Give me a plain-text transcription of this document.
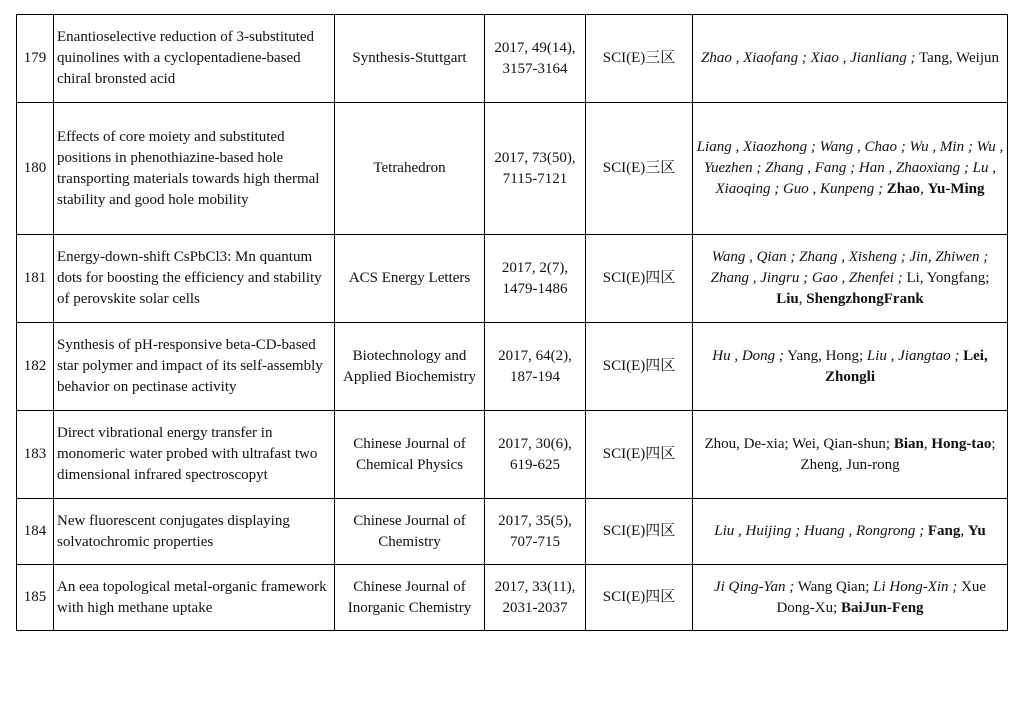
179	Enantioselective reduction of 3-substituted quinolines with a cyclopentadiene-based chiral bronsted acid	Synthesis-Stuttgart	2017, 49(14), 3157-3164	SCI(E)三区	Zhao , Xiaofang ; Xiao , Jianliang ; Tang, Weijun
180	Effects of core moiety and substituted positions in phenothiazine-based hole transporting materials towards high thermal stability and good hole mobility	Tetrahedron	2017, 73(50), 7115-7121	SCI(E)三区	Liang , Xiaozhong ; Wang , Chao ; Wu , Min ; Wu , Yuezhen ; Zhang , Fang ; Han , Zhaoxiang ; Lu , Xiaoqing ; Guo , Kunpeng ; Zhao, Yu-Ming
181	Energy-down-shift CsPbCl3: Mn quantum dots for boosting the efficiency and stability of perovskite solar cells	ACS Energy Letters	2017, 2(7), 1479-1486	SCI(E)四区	Wang , Qian ; Zhang , Xisheng ; Jin, Zhiwen ; Zhang , Jingru ; Gao , Zhenfei ; Li, Yongfang; Liu, ShengzhongFrank
182	Synthesis of pH-responsive beta-CD-based star polymer and impact of its self-assembly behavior on pectinase activity	Biotechnology and Applied Biochemistry	2017, 64(2), 187-194	SCI(E)四区	Hu , Dong ; Yang, Hong; Liu , Jiangtao ; Lei, Zhongli
183	Direct vibrational energy transfer in monomeric water probed with ultrafast two dimensional infrared spectroscopyt	Chinese Journal of Chemical Physics	2017, 30(6), 619-625	SCI(E)四区	Zhou, De-xia; Wei, Qian-shun; Bian, Hong-tao; Zheng, Jun-rong
184	New fluorescent conjugates displaying solvatochromic properties	Chinese Journal of Chemistry	2017, 35(5), 707-715	SCI(E)四区	Liu , Huijing ; Huang , Rongrong ; Fang, Yu
185	An eea topological metal-organic framework with high methane uptake	Chinese Journal of Inorganic Chemistry	2017, 33(11), 2031-2037	SCI(E)四区	Ji Qing-Yan ; Wang Qian; Li Hong-Xin ; Xue Dong-Xu; BaiJun-Feng
